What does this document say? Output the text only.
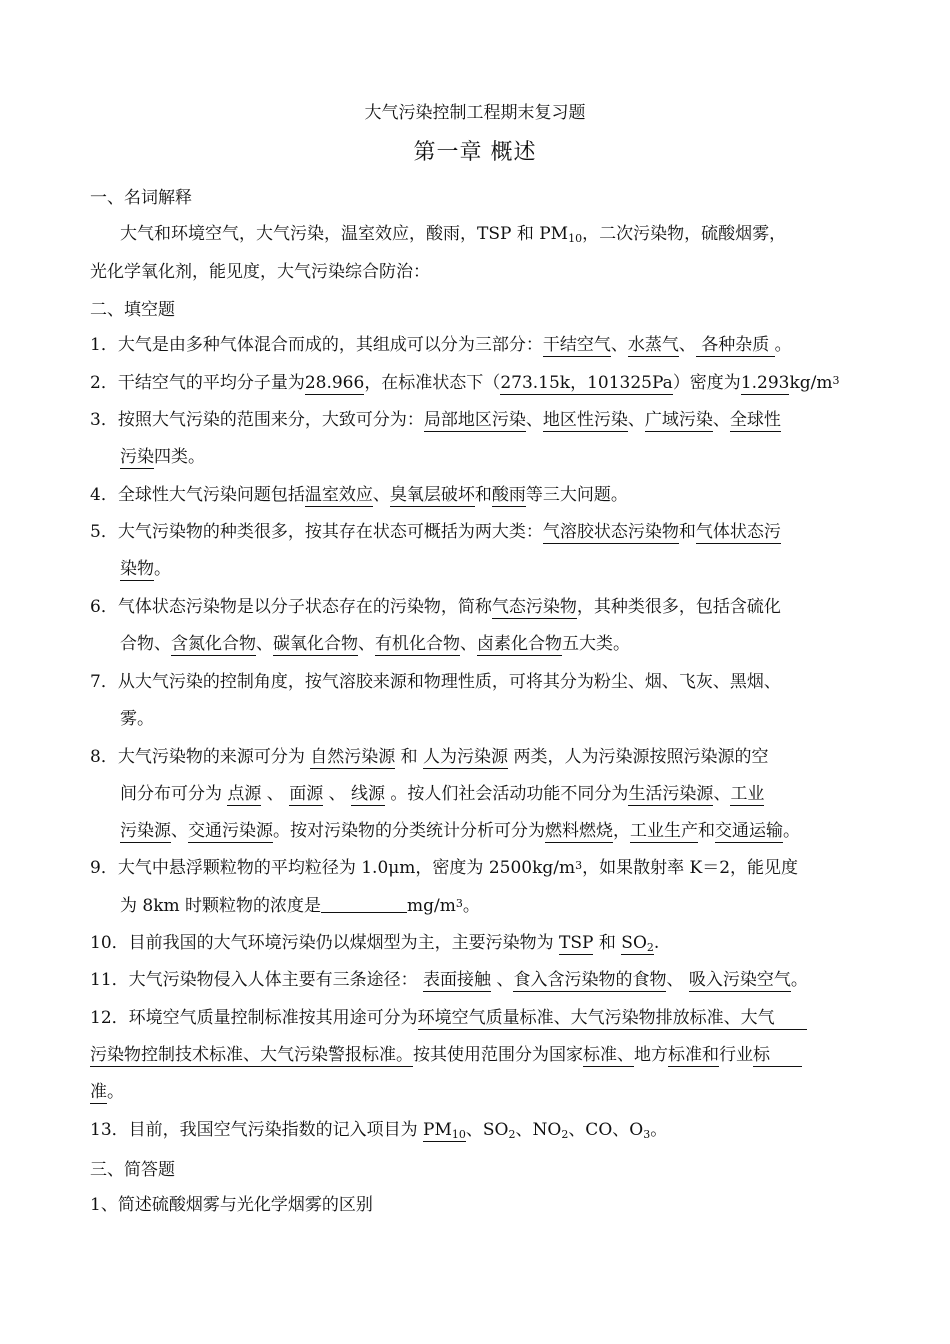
大气污染控制工程期末复习题
第一章 概述
一、名词解释
大气和环境空气，大气污染，温室效应，酸雨，TSP 和 $PM_{10}$，二次污染物，硫酸烟雾，
光化学氧化剂，能见度，大气污染综合防治：
二、填空题
1．大气是由多种气体混合而成的，其组成可以分为三部分：干结空气、水蒸气、 各种杂质 。
2．干结空气的平均分子量为28.966，在标准状态下（273.15k，101325Pa）密度为$1.293kg/m^3$
3．按照大气污染的范围来分，大致可分为：局部地区污染、地区性污染、广域污染、全球性
污染四类。
4．全球性大气污染问题包括温室效应、臭氧层破坏和酸雨等三大问题。
5．大气污染物的种类很多，按其存在状态可概括为两大类：气溶胶状态污染物和气体状态污
染物。
6．气体状态污染物是以分子状态存在的污染物，简称气态污染物，其种类很多，包括含硫化
合物、含氮化合物、碳氧化合物、有机化合物、卤素化合物五大类。
7．从大气污染的控制角度，按气溶胶来源和物理性质，可将其分为粉尘、烟、飞灰、黑烟、
雾。
8．大气污染物的来源可分为 自然污染源 和 人为污染源 两类，人为污染源按照污染源的空
间分布可分为 点源 、 面源 、 线源 。按人们社会活动功能不同分为生活污染源、工业
污染源、交通污染源。按对污染物的分类统计分析可分为燃料燃烧，工业生产和交通运输。
9．大气中悬浮颗粒物的平均粒径为 1.0μm，密度为 $2500kg/m^3$，如果散射率 K＝2，能见度
为 8km 时颗粒物的浓度是	$mg/m^3$。
10．目前我国的大气环境污染仍以煤烟型为主，主要污染物为 TSP 和 $SO_2$.
11．大气污染物侵入人体主要有三条途径： 表面接触 、食入含污染物的食物、 吸入污染空气。
12．环境空气质量控制标准按其用途可分为环境空气质量标准、大气污染物排放标准、大气
污染物控制技术标准、大气污染警报标准。按其使用范围分为国家标准、地方标准和行业标
准。
13．目前，我国空气污染指数的记入项目为 $PM_{10}$、$SO_2$、$NO_2$、CO、$O_3$。
三、简答题
1、简述硫酸烟雾与光化学烟雾的区别
